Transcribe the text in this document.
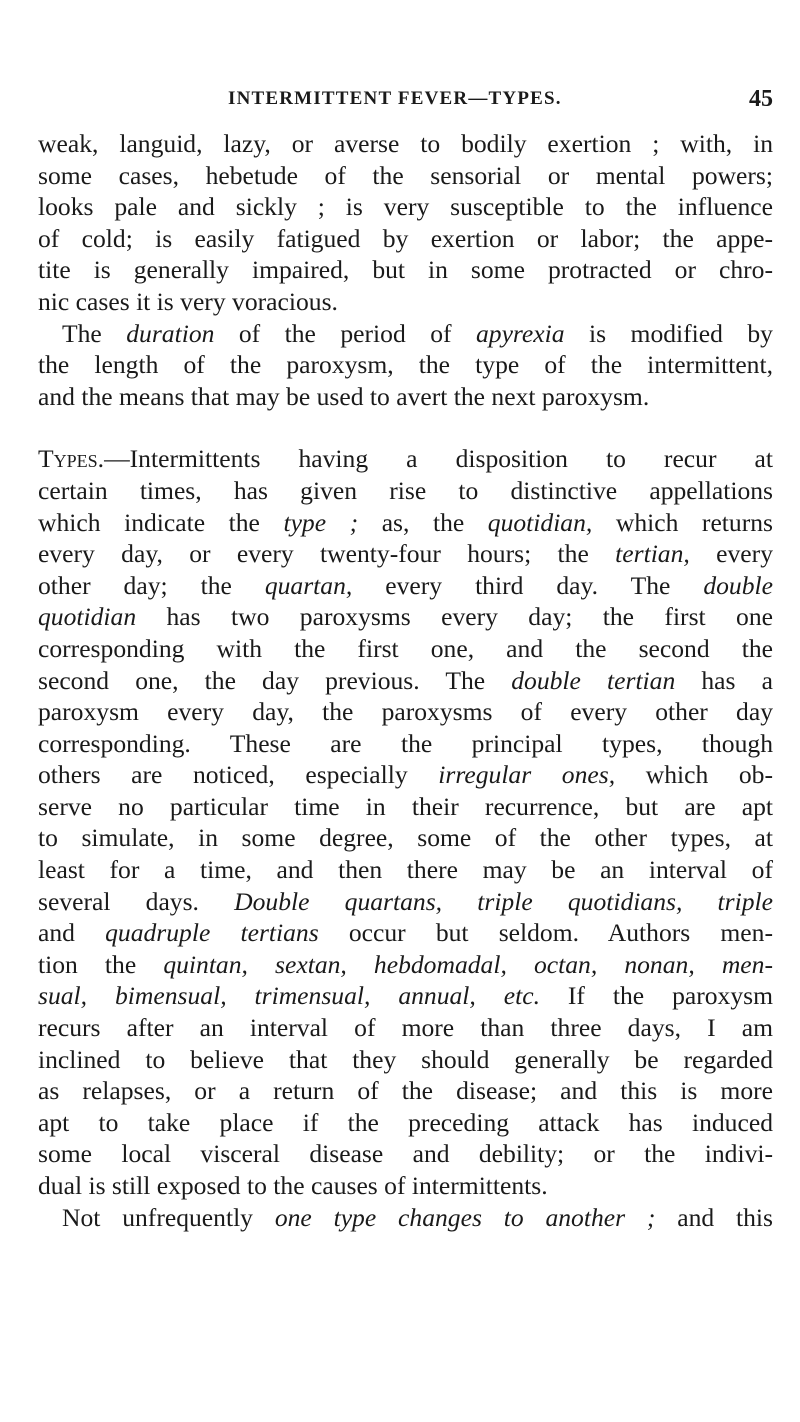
INTERMITTENT FEVER—TYPES.	45
weak, languid, lazy, or averse to bodily exertion ; with, in
some cases, hebetude of the sensorial or mental powers;
looks pale and sickly ; is very susceptible to the influence
of cold; is easily fatigued by exertion or labor; the appe-
tite is generally impaired, but in some protracted or chro-
nic cases it is very voracious.
The duration of the period of apyrexia is modified by
the length of the paroxysm, the type of the intermittent,
and the means that may be used to avert the next paroxysm.
Types.—Intermittents having a disposition to recur at
certain times, has given rise to distinctive appellations
which indicate the type ; as, the quotidian, which returns
every day, or every twenty-four hours; the tertian, every
other day; the quartan, every third day. The double
quotidian has two paroxysms every day; the first one
corresponding with the first one, and the second the
second one, the day previous. The double tertian has a
paroxysm every day, the paroxysms of every other day
corresponding. These are the principal types, though
others are noticed, especially irregular ones, which ob-
serve no particular time in their recurrence, but are apt
to simulate, in some degree, some of the other types, at
least for a time, and then there may be an interval of
several days. Double quartans, triple quotidians, triple
and quadruple tertians occur but seldom. Authors men-
tion the quintan, sextan, hebdomadal, octan, nonan, men-
sual, bimensual, trimensual, annual, etc. If the paroxysm
recurs after an interval of more than three days, I am
inclined to believe that they should generally be regarded
as relapses, or a return of the disease; and this is more
apt to take place if the preceding attack has induced
some local visceral disease and debility; or the indivi-
dual is still exposed to the causes of intermittents.
Not unfrequently one type changes to another ; and this
